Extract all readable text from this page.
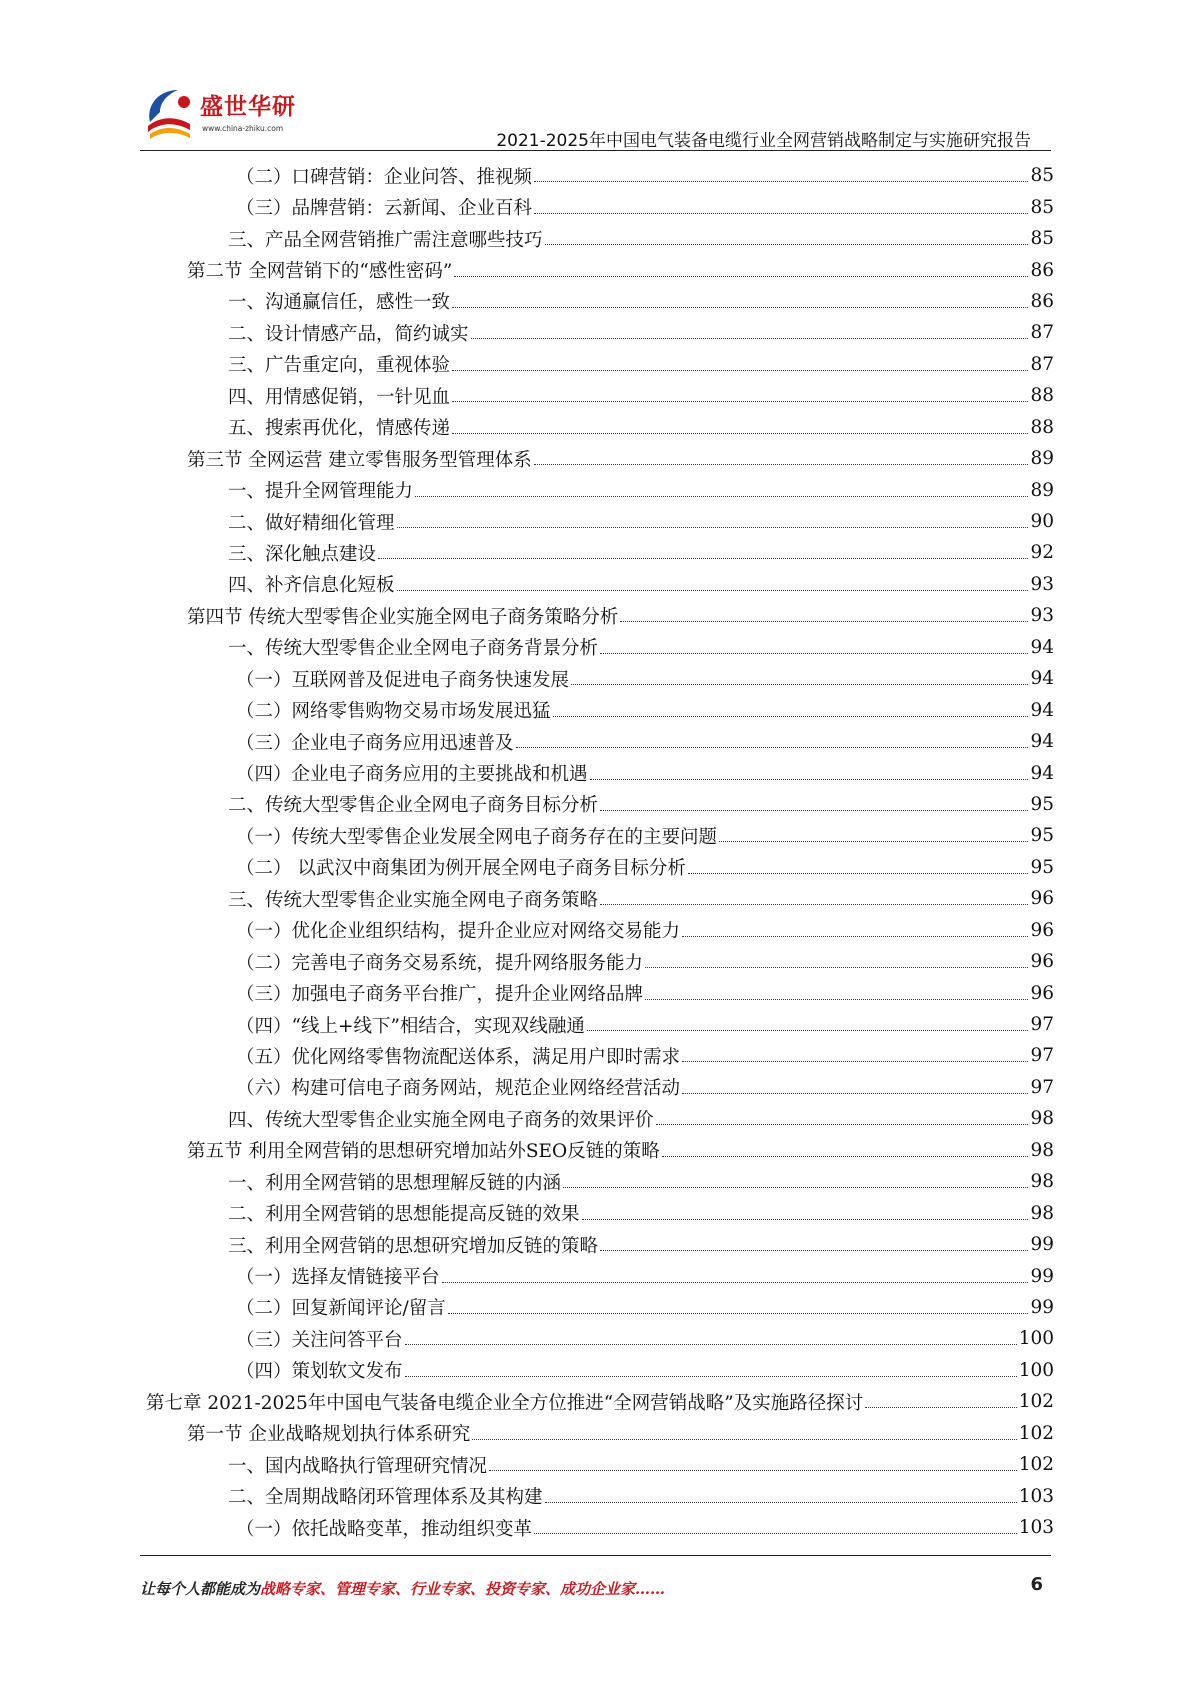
盛世华研
www.china-zhiku.com
2021-2025年中国电气装备电缆行业全网营销战略制定与实施研究报告
（二）口碑营销：企业问答、推视频	85
（三）品牌营销：云新闻、企业百科	85
三、产品全网营销推广需注意哪些技巧	85
第二节 全网营销下的“感性密码”	86
一、沟通赢信任，感性一致	86
二、设计情感产品，简约诚实	87
三、广告重定向，重视体验	87
四、用情感促销，一针见血	88
五、搜索再优化，情感传递	88
第三节 全网运营 建立零售服务型管理体系	89
一、提升全网管理能力	89
二、做好精细化管理	90
三、深化触点建设	92
四、补齐信息化短板	93
第四节 传统大型零售企业实施全网电子商务策略分析	93
一、传统大型零售企业全网电子商务背景分析	94
（一）互联网普及促进电子商务快速发展	94
（二）网络零售购物交易市场发展迅猛	94
（三）企业电子商务应用迅速普及	94
（四）企业电子商务应用的主要挑战和机遇	94
二、传统大型零售企业全网电子商务目标分析	95
（一）传统大型零售企业发展全网电子商务存在的主要问题	95
（二） 以武汉中商集团为例开展全网电子商务目标分析	95
三、传统大型零售企业实施全网电子商务策略	96
（一）优化企业组织结构，提升企业应对网络交易能力	96
（二）完善电子商务交易系统，提升网络服务能力	96
（三）加强电子商务平台推广，提升企业网络品牌	96
（四）“线上+线下”相结合，实现双线融通	97
（五）优化网络零售物流配送体系，满足用户即时需求	97
（六）构建可信电子商务网站，规范企业网络经营活动	97
四、传统大型零售企业实施全网电子商务的效果评价	98
第五节 利用全网营销的思想研究增加站外SEO反链的策略	98
一、利用全网营销的思想理解反链的内涵	98
二、利用全网营销的思想能提高反链的效果	98
三、利用全网营销的思想研究增加反链的策略	99
（一）选择友情链接平台	99
（二）回复新闻评论/留言	99
（三）关注问答平台	100
（四）策划软文发布	100
第七章 2021-2025年中国电气装备电缆企业全方位推进“全网营销战略”及实施路径探讨	102
第一节 企业战略规划执行体系研究	102
一、国内战略执行管理研究情况	102
二、全周期战略闭环管理体系及其构建	103
（一）依托战略变革，推动组织变革	103
让每个人都能成为战略专家、管理专家、行业专家、投资专家、成功企业家……	6
